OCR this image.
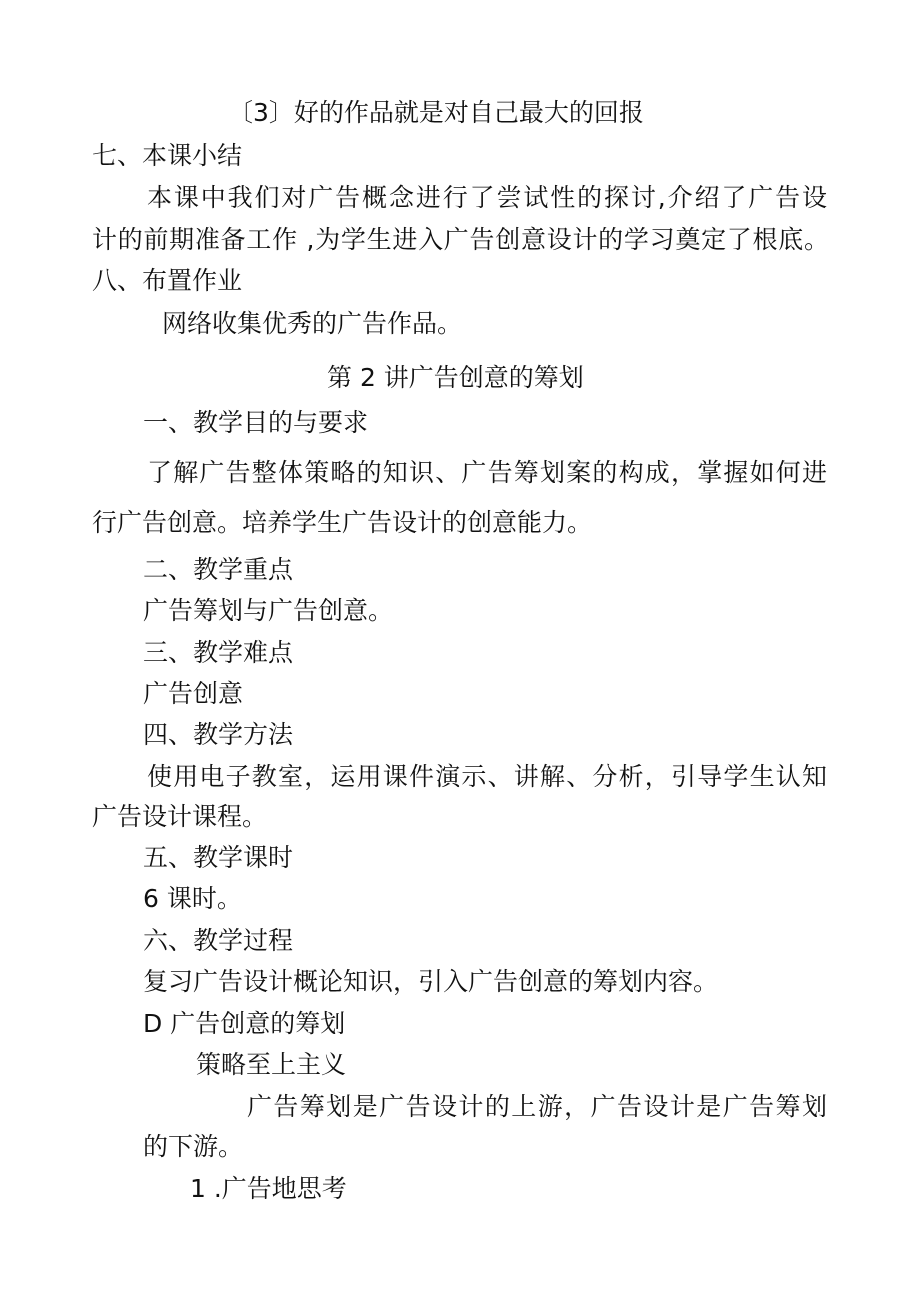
〔3〕好的作品就是对自己最大的回报
七、本课小结
本课中我们对广告概念进行了尝试性的探讨,介绍了广告设
计的前期准备工作 ,为学生进入广告创意设计的学习奠定了根底。
八、布置作业
网络收集优秀的广告作品。
第 2 讲广告创意的筹划
一、教学目的与要求
了解广告整体策略的知识、广告筹划案的构成，掌握如何进
行广告创意。培养学生广告设计的创意能力。
二、教学重点
广告筹划与广告创意。
三、教学难点
广告创意
四、教学方法
使用电子教室，运用课件演示、讲解、分析，引导学生认知
广告设计课程。
五、教学课时
6 课时。
六、教学过程
复习广告设计概论知识，引入广告创意的筹划内容。
D 广告创意的筹划
策略至上主义
广告筹划是广告设计的上游，广告设计是广告筹划
的下游。
1 .广告地思考
